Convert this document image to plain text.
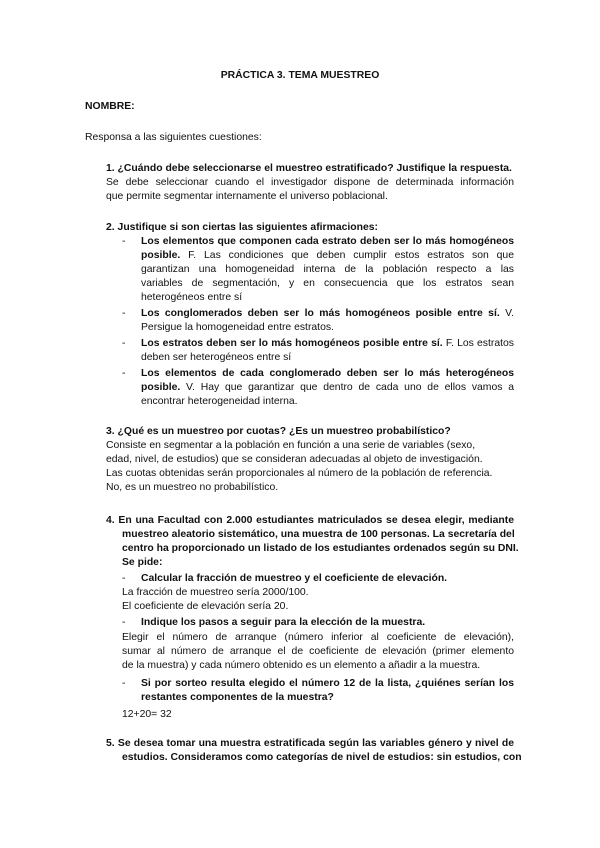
PRÁCTICA 3. TEMA MUESTREO
NOMBRE:
Responsa a las siguientes cuestiones:
1. ¿Cuándo debe seleccionarse el muestreo estratificado? Justifique la respuesta.
Se debe seleccionar cuando el investigador dispone de determinada información
que permite segmentar internamente el universo poblacional.
2. Justifique si son ciertas las siguientes afirmaciones:
- Los elementos que componen cada estrato deben ser lo más homogéneos
posible. F. Las condiciones que deben cumplir estos estratos son que
garantizan una homogeneidad interna de la población respecto a las
variables de segmentación, y en consecuencia que los estratos sean
heterogéneos entre sí
- Los conglomerados deben ser lo más homogéneos posible entre sí. V.
Persigue la homogeneidad entre estratos.
- Los estratos deben ser lo más homogéneos posible entre sí. F. Los estratos
deben ser heterogéneos entre sí
- Los elementos de cada conglomerado deben ser lo más heterogéneos
posible. V. Hay que garantizar que dentro de cada uno de ellos vamos a
encontrar heterogeneidad interna.
3. ¿Qué es un muestreo por cuotas? ¿Es un muestreo probabilístico?
Consiste en segmentar a la población en función a una serie de variables (sexo,
edad, nivel, de estudios) que se consideran adecuadas al objeto de investigación.
Las cuotas obtenidas serán proporcionales al número de la población de referencia.
No, es un muestreo no probabilístico.
4. En una Facultad con 2.000 estudiantes matriculados se desea elegir, mediante
muestreo aleatorio sistemático, una muestra de 100 personas. La secretaría del
centro ha proporcionado un listado de los estudiantes ordenados según su DNI.
Se pide:
- Calcular la fracción de muestreo y el coeficiente de elevación.
La fracción de muestreo sería 2000/100.
El coeficiente de elevación sería 20.
- Indique los pasos a seguir para la elección de la muestra.
Elegir el número de arranque (número inferior al coeficiente de elevación),
sumar al número de arranque el de coeficiente de elevación (primer elemento
de la muestra) y cada número obtenido es un elemento a añadir a la muestra.
- Si por sorteo resulta elegido el número 12 de la lista, ¿quiénes serían los
restantes componentes de la muestra?
12+20= 32
5. Se desea tomar una muestra estratificada según las variables género y nivel de
estudios. Consideramos como categorías de nivel de estudios: sin estudios, con
